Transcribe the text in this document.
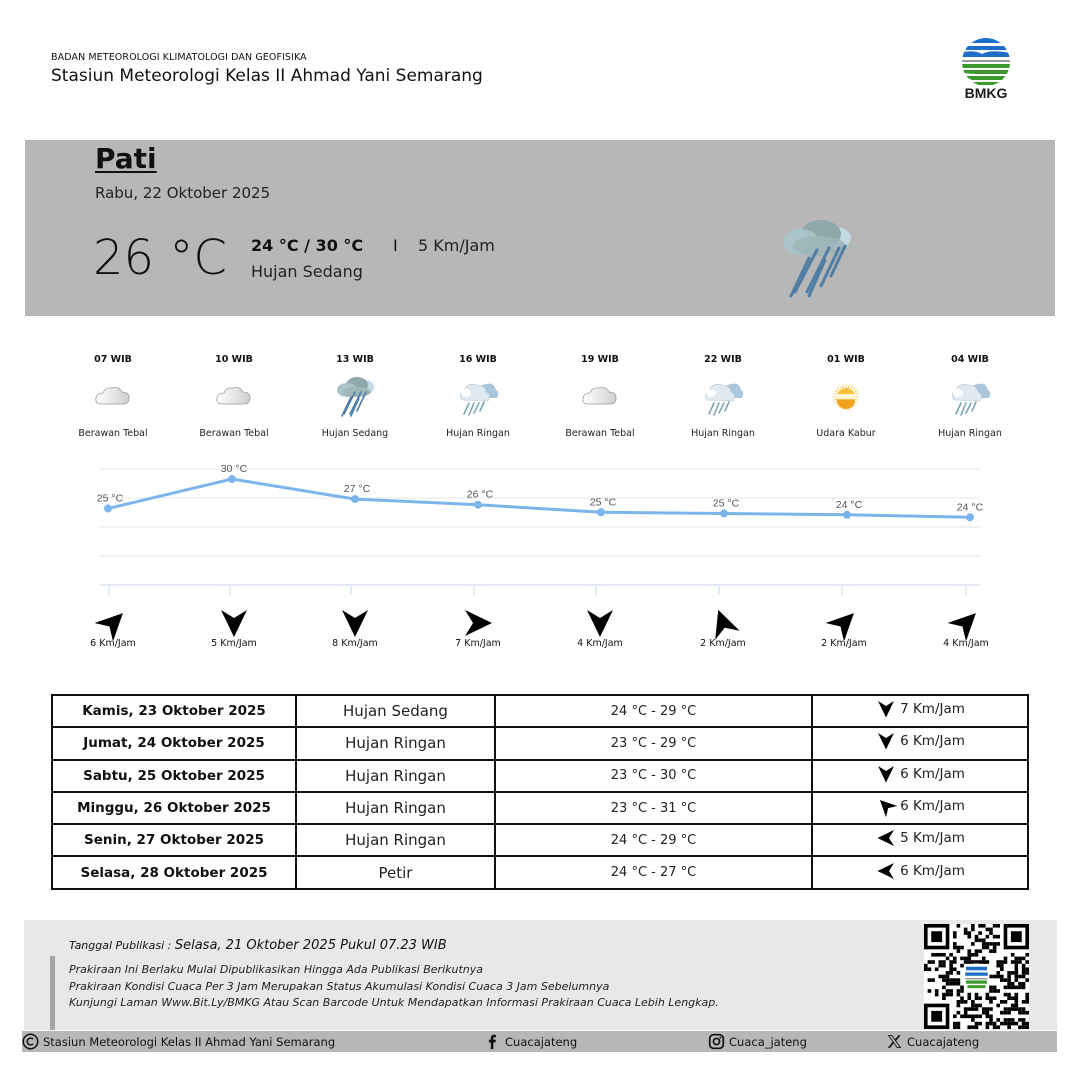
BADAN METEOROLOGI KLIMATOLOGI DAN GEOFISIKA
Stasiun Meteorologi Kelas II Ahmad Yani Semarang
BMKG
Pati
Rabu, 22 Oktober 2025
26 °C 24 °C / 30 °C I 5 Km/Jam
Hujan Sedang
07 WIB
Berawan Tebal
10 WIB
Berawan Tebal
13 WIB
Hujan Sedang
16 WIB
Hujan Ringan
19 WIB
Berawan Tebal
22 WIB
Hujan Ringan
01 WIB
Udara Kabur
04 WIB
Hujan Ringan
25 °C
30 °C
27 °C	26 °C
25 °C	25 °C	24 °C	24 °C
6 Km/Jam	5 Km/Jam	8 Km/Jam	7 Km/Jam	4 Km/Jam	2 Km/Jam	2 Km/Jam	4 Km/Jam
Kamis, 23 Oktober 2025	Hujan Sedang	24 °C - 29 °C	7 Km/Jam

Jumat, 24 Oktober 2025	Hujan Ringan	23 °C - 29 °C	6 Km/Jam

Sabtu, 25 Oktober 2025	Hujan Ringan	23 °C - 30 °C	6 Km/Jam

Minggu, 26 Oktober 2025	Hujan Ringan	23 °C - 31 °C	6 Km/Jam

Senin, 27 Oktober 2025	Hujan Ringan	24 °C - 29 °C	5 Km/Jam

Selasa, 28 Oktober 2025	Petir	24 °C - 27 °C	6 Km/Jam
Tanggal Publikasi : Selasa, 21 Oktober 2025 Pukul 07.23 WIB
Prakiraan Ini Berlaku Mulai Dipublikasikan Hingga Ada Publikasi Berikutnya
Prakiraan Kondisi Cuaca Per 3 Jam Merupakan Status Akumulasi Kondisi Cuaca 3 Jam Sebelumnya
Kunjungi Laman Www.Bit.Ly/BMKG Atau Scan Barcode Untuk Mendapatkan Informasi Prakiraan Cuaca Lebih Lengkap.
Stasiun Meteorologi Kelas II Ahmad Yani Semarang	Cuacajateng	Cuaca_jateng	Cuacajateng
